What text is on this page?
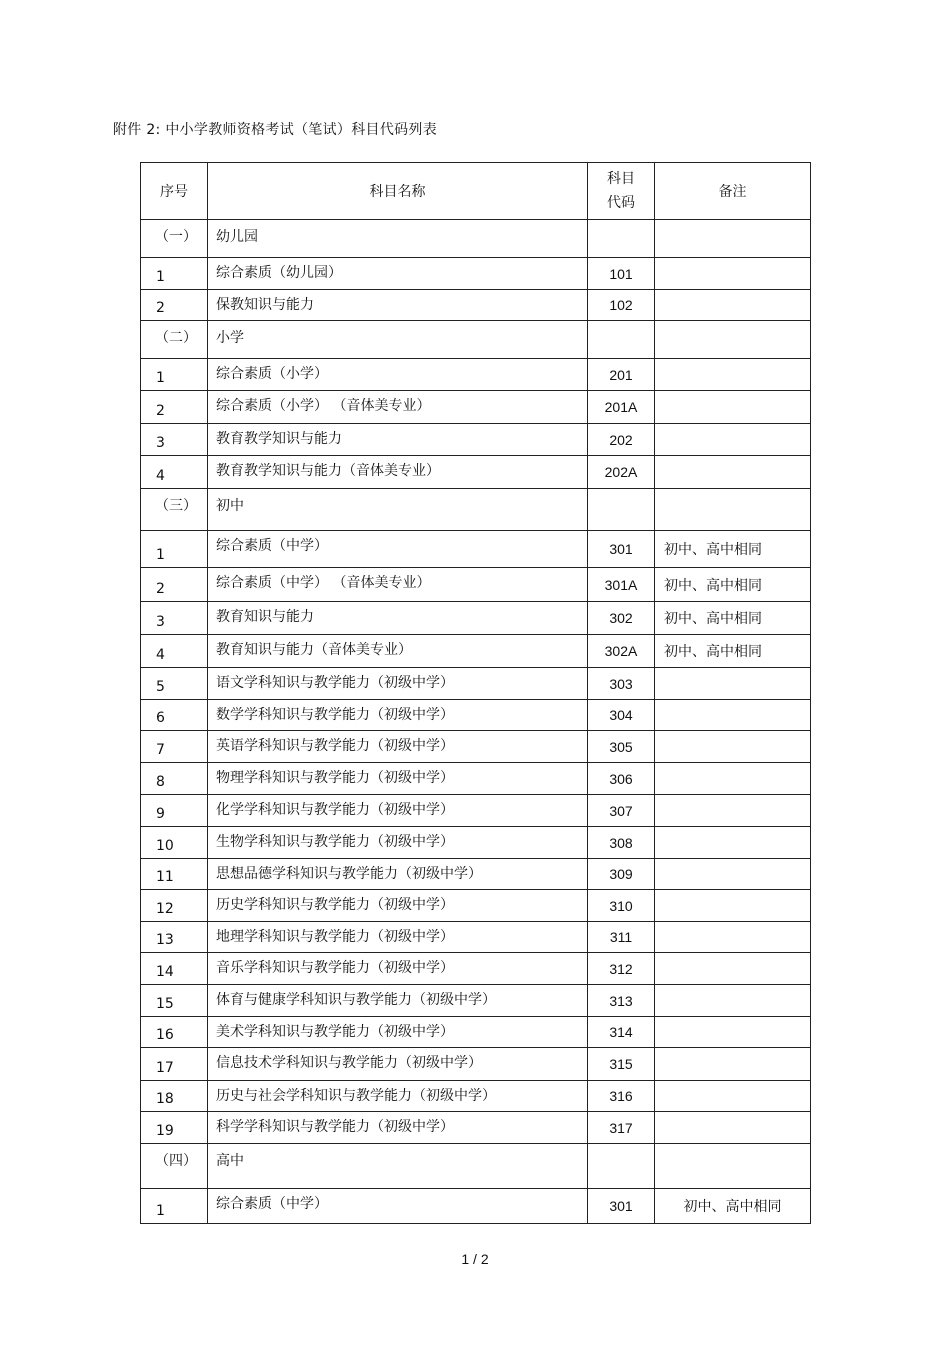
附件 2: 中小学教师资格考试（笔试）科目代码列表
序号	科目名称	科目代码	备注
（一）	幼儿园		
1	综合素质（幼儿园）	101	
2	保教知识与能力	102	
（二）	小学		
1	综合素质（小学）	201	
2	综合素质（小学） （音体美专业）	201A	
3	教育教学知识与能力	202	
4	教育教学知识与能力（音体美专业）	202A	
（三）	初中		
1	综合素质（中学）	301	初中、高中相同
2	综合素质（中学） （音体美专业）	301A	初中、高中相同
3	教育知识与能力	302	初中、高中相同
4	教育知识与能力（音体美专业）	302A	初中、高中相同
5	语文学科知识与教学能力（初级中学）	303	
6	数学学科知识与教学能力（初级中学）	304	
7	英语学科知识与教学能力（初级中学）	305	
8	物理学科知识与教学能力（初级中学）	306	
9	化学学科知识与教学能力（初级中学）	307	
10	生物学科知识与教学能力（初级中学）	308	
11	思想品德学科知识与教学能力（初级中学）	309	
12	历史学科知识与教学能力（初级中学）	310	
13	地理学科知识与教学能力（初级中学）	311	
14	音乐学科知识与教学能力（初级中学）	312	
15	体育与健康学科知识与教学能力（初级中学）	313	
16	美术学科知识与教学能力（初级中学）	314	
17	信息技术学科知识与教学能力（初级中学）	315	
18	历史与社会学科知识与教学能力（初级中学）	316	
19	科学学科知识与教学能力（初级中学）	317	
（四）	高中		
1	综合素质（中学）	301	初中、高中相同
1 / 2
